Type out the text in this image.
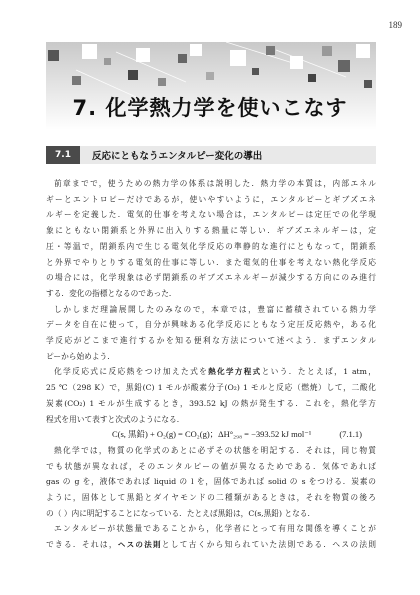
189
7. 化学熱力学を使いこなす
7.1	反応にともなうエンタルピー変化の導出
前章までで，使うための熱力学の体系は説明した．熱力学の本質は，内部エネル
ギーとエントロピーだけであるが，使いやすいように，エンタルピーとギブズエネ
ルギーを定義した．電気的仕事を考えない場合は，エンタルピーは定圧での化学現
象にともない閉鎖系と外界に出入りする熱量に等しい．ギブズエネルギーは，定
圧・等温で，閉鎖系内で生じる電気化学反応の準静的な進行にともなって，閉鎖系
と外界でやりとりする電気的仕事に等しい．また電気的仕事を考えない熱化学反応
の場合には，化学現象は必ず閉鎖系のギブズエネルギーが減少する方向にのみ進行
する．変化の指標となるのであった．
しかしまだ理論展開したのみなので，本章では，豊富に蓄積されている熱力学
データを自在に使って，自分が興味ある化学反応にともなう定圧反応熱や，ある化
学反応がどこまで進行するかを知る便利な方法について述べよう．まずエンタル
ピーから始めよう．
化学反応式に反応熱をつけ加えた式を熱化学方程式という．たとえば，1 atm，
25 ℃（298 K）で，黒鉛(C) 1 モルが酸素分子(O₂) 1 モルと反応（燃焼）して，二酸化
炭素(CO₂) 1 モルが生成するとき，393.52 kJ の熱が発生する．これを，熱化学方
程式を用いて表すと次式のようになる．
C(s, 黒鉛) + O₂(g) = CO₂(g)；ΔH°₂₉₈ = −393.52 kJ mol⁻¹	(7.1.1)
熱化学では，物質の化学式のあとに必ずその状態を明記する．それは，同じ物質
でも状態が異なれば，そのエンタルピーの値が異なるためである．気体であれば
gas の g を，液体であれば liquid の l を，固体であれば solid の s をつける．炭素の
ように，固体として黒鉛とダイヤモンドの二種類があるときは，それを物質の後ろ
の（ ）内に明記することになっている．たとえば黒鉛は，C(s,黒鉛) となる．
エンタルピーが状態量であることから，化学者にとって有用な関係を導くことが
できる．それは，ヘスの法則として古くから知られていた法則である．ヘスの法則
